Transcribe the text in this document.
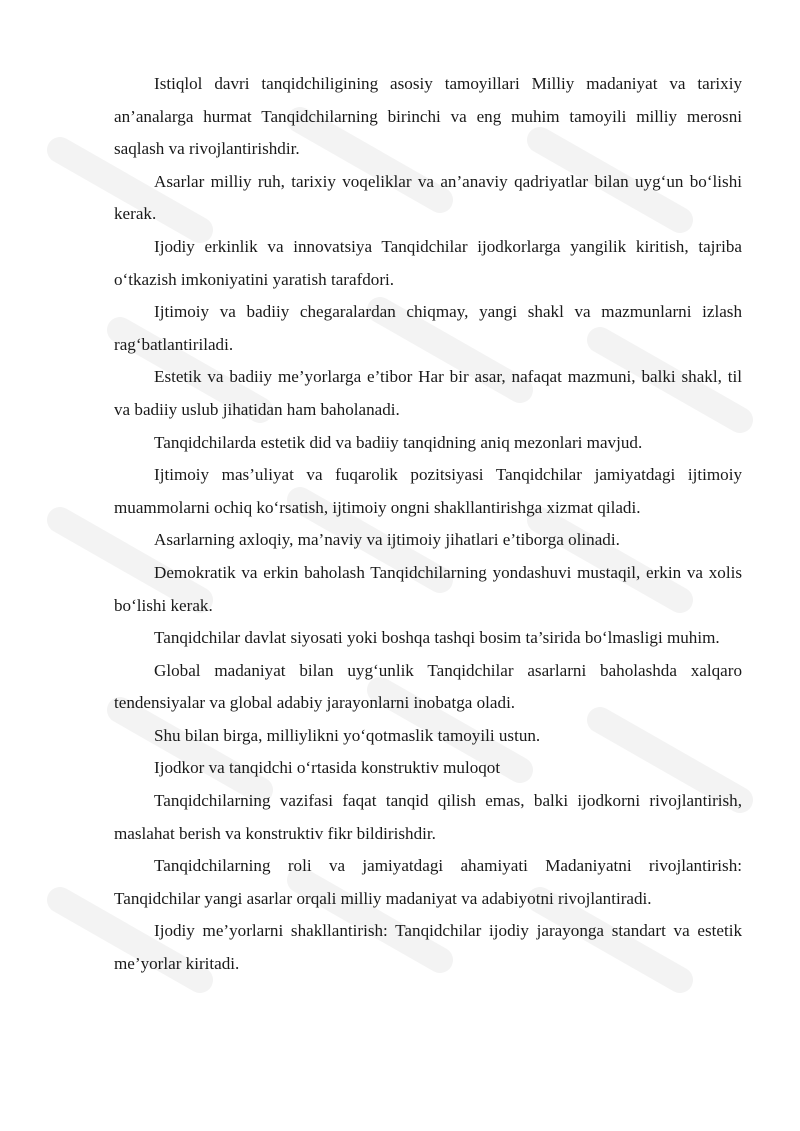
Istiqlol davri tanqidchiligining asosiy tamoyillari Milliy madaniyat va tarixiy an’analarga hurmat Tanqidchilarning birinchi va eng muhim tamoyili milliy merosni saqlash va rivojlantirishdir.

Asarlar milliy ruh, tarixiy voqeliklar va an’anaviy qadriyatlar bilan uyg‘un bo‘lishi kerak.

Ijodiy erkinlik va innovatsiya Tanqidchilar ijodkorlarga yangilik kiritish, tajriba o‘tkazish imkoniyatini yaratish tarafdori.

Ijtimoiy va badiiy chegaralardan chiqmay, yangi shakl va mazmunlarni izlash rag‘batlantiriladi.

Estetik va badiiy me’yorlarga e’tibor Har bir asar, nafaqat mazmuni, balki shakl, til va badiiy uslub jihatidan ham baholanadi.

Tanqidchilarda estetik did va badiiy tanqidning aniq mezonlari mavjud.

Ijtimoiy mas’uliyat va fuqarolik pozitsiyasi Tanqidchilar jamiyatdagi ijtimoiy muammolarni ochiq ko‘rsatish, ijtimoiy ongni shakllantirishga xizmat qiladi.

Asarlarning axloqiy, ma’naviy va ijtimoiy jihatlari e’tiborga olinadi.

Demokratik va erkin baholash Tanqidchilarning yondashuvi mustaqil, erkin va xolis bo‘lishi kerak.

Tanqidchilar davlat siyosati yoki boshqa tashqi bosim ta’sirida bo‘lmasligi muhim.

Global madaniyat bilan uyg‘unlik Tanqidchilar asarlarni baholashda xalqaro tendensiyalar va global adabiy jarayonlarni inobatga oladi.

Shu bilan birga, milliylikni yo‘qotmaslik tamoyili ustun.

Ijodkor va tanqidchi o‘rtasida konstruktiv muloqot

Tanqidchilarning vazifasi faqat tanqid qilish emas, balki ijodkorni rivojlantirish, maslahat berish va konstruktiv fikr bildirishdir.

Tanqidchilarning roli va jamiyatdagi ahamiyati Madaniyatni rivojlantirish: Tanqidchilar yangi asarlar orqali milliy madaniyat va adabiyotni rivojlantiradi.

Ijodiy me’yorlarni shakllantirish: Tanqidchilar ijodiy jarayonga standart va estetik me’yorlar kiritadi.
